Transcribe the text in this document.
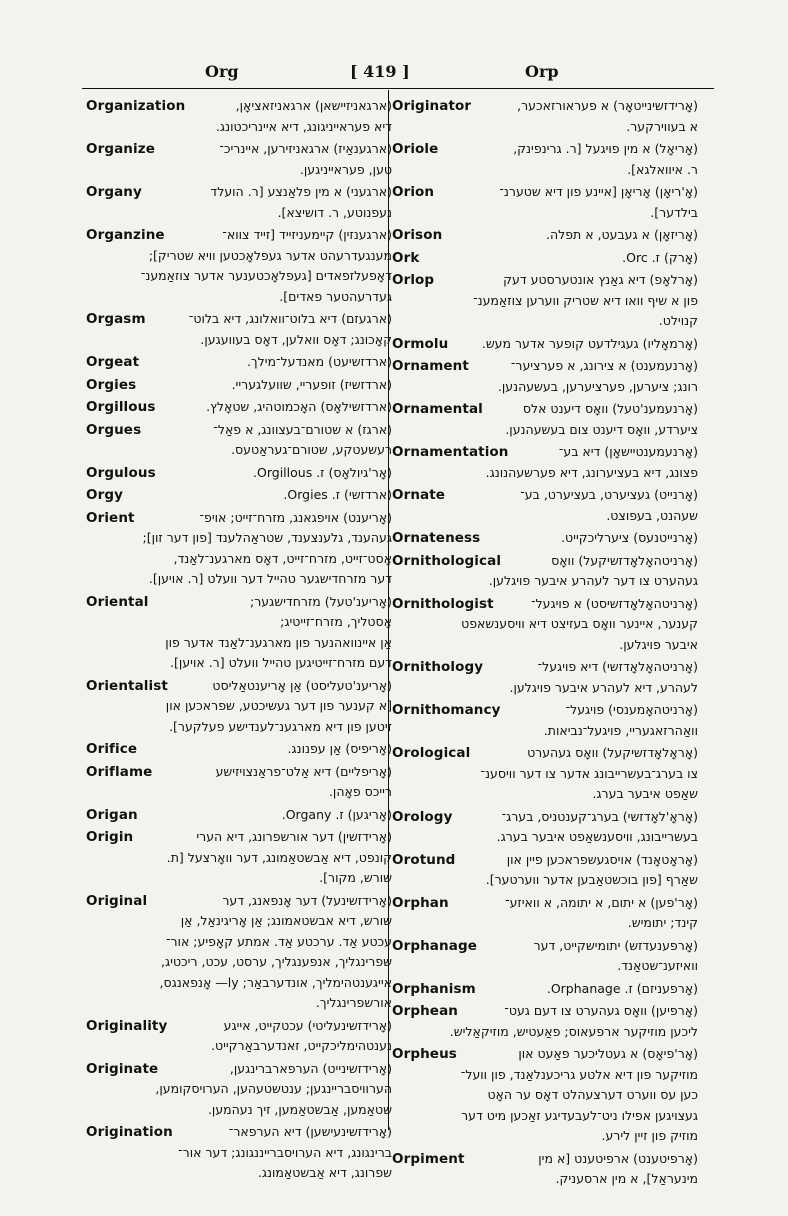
Org	[ 419 ]	Orp
Organization	(ארגאניזיישאן) ארגאניזאציאָן,
דיא פעראייניגונג, דיא איינריכטונג.
Organize	(ארגענאַיז) ארגאניזירען, איינריכ־
טען, פעראייניגען.
Organy	(ארגעני) א מין פלאַנצע [ר. הועלד
נעפנוטע, ר. דושיצא].
Organzine	(ארגענזין) קיימעניזייד [זייד צווא־
מענגעדרעהט אדער געפלאָכטען וויא שטריק];
דאָפעלזפאדים [געפלאָכטענער אדער צוזאַמענ־
געדרעהטער פאדים].
Orgasm	(ארגעזם) דיא בלוט־וואלונג, דיא בלוט־
קאָכונג; דאָס וואלען, דאָס בעוועגען.
Orgeat	(ארדזשיעט) מאנדעל־מילך.
Orgies	(ארדזשיז) זופעריי, שוועלגעריי.
Orgillous	(ארדזשילאָס) האָכמוטהיג, שטאָלץ.
Orgues	(ארגז) א שטורם־בעצוונג, א פאַל־
רעשעטקע, שטורם־געראַטעס.
Orgulous	(אָר'גיולאָס) ז. Orgillous.
Orgy	(ארדזשי) ז. Orgies.
Orient	(אָריענט) אויפגאנג, מזרח־זייט; אויפ־
געהענד, גלענצענד, שטראַהלענד [פון דער זון];
אָסט־זייט, מזרח־זייט, דאָס מארגענ־לאַנד,
דער מזרחדישגער טהייל דער וועלט [ר. אויען].
Oriental	(אָריענ'טעל) מזרחדישגער;
אָסטליך, מזרח־זייטיג;
אַן איינוואהנער פון מארגענ־לאַנד אדער פון
דעם מזרח־זייטיגען טהייל וועלט [ר. אויען].
Orientalist	(אָריענ'טעליסט) אַן אָריענטאַליסט
[א קענער פון דער געשיכטע, שפראכען און
זיטען פון דיא מארגענ־לענדישע פעלקער].
Orifice	(אָריפיס) אַן עפנונג.
Oriflame	(אָריפליים) דיא אַלט־פראַנצויזישע
רייכס פאָהן.
Origan	(אָריגען) ז. Organy.
Origin	(אָרידזשין) דער אורשפרונג, דיא הערי
קונפט, דיא אַבשטאַמונג, דער וואָרצעל [ת.
שורש, מקור].
Original	(אָרידזשינעל) דער אָנפאנג, דער
שורש, דיא אבשטאמונג; אַן אָריגינאַל, אַן
עכטע אַד. ערכטע אַד. אמתע קאָפיע; אור־
שפרינגליך, אנפענגליך, ערסט, עכט, ריכטיג,
אייגענטהימליך, אונדערבאַר; ly— אָנפאנגס,
אורשפרינגליך.
Originality	(אָרידזשינעליטי) עכטקייט, אייגע
נענטהימליכקייט, זאנדערבאַרקייט.
Originate	(אָרידזשינייט) הערפארברינגען,
הערוויסבריינגען; ענטשטעהען, הערויסקומען,
שטאַמען, אַבשטאַמען, זיך נעהמען.
Origination	(אָרידזשינעישען) דיא הערפאר־
ברינגונג, דיא הערויסברייננגונג; דער אור־
שפרונג, דיא אַבשטאַמונג.
Originator	(אָרידזשינייטאָר) א פעראורזאכער,
א בעווירקער.
Oriole	(אָריאָל) א מין פויגעל [ר. גרינפינק,
ר. איוואלגא].
Orion	(אָ'ריאָן) אָריאָן [איינע פון דיא שטערנ־
בילדער].
Orison	(אָריזאָן) א געבעט, א תפלה.
Ork	(אָרק) ז. Orc.
Orlop	(אָרלאָפ) דיא גאַנץ אונטערסטע דעק
פון א שיף וואו דיא שטריק ווערען צוזאַמענ־
קנוילט.
Ormolu	(אָרמאָליו) געגילדעט קופער אדער מעש.
Ornament	(אָרנעמענט) א צירונג, א פערציער־
רונג; ציערען, פערציערען, בעשעהנען.
Ornamental	(אָרנעמענ'טעל) וואָס דיענט אלס
ציערדע, וואָס דיענט צום בעשעהנען.
Ornamentation	(אָרנעמענטיישאָן) דיא בע־
פצונג, דיא בעציערונג, דיא פערשעהנונג.
Ornate	(אָרנייט) געציערט, בעציערט, בע־
שעהנט, בעפוצט.
Ornateness	(אָרנייטנעס) ציערליכקייט.
Ornithological	(אָרניטהאָלאָדזשיקעל) וואָס
געהערט צו דער לעהרע איבער פויגלען.
Ornithologist	(אָרניטהאָלאָדזשיסט) א פויגעל־
קענער, איינער וואָס בעזיצט דיא וויסענשאפט
איבער פויגלען.
Ornithology	(אָרניטהאָלאָדזשי) דיא פויגעל־
לעהרע, דיא לעהרע איבער פויגלען.
Ornithomancy	(אָרניטהאָמענסי) פויגעל־
וואַהרזאגעריי, פויגעל־נביאות.
Orological	(אָראָלאָדזשיקעל) וואָס געהערט
צו בערג־בעשרייבונג אדער צו דער וויסענ־
שאַפט איבער בערג.
Orology	(אָראָ'לאָדזשי) בערג־קענטניס, בערג־
בעשרייבונג, וויסענשאַפט איבער בערג.
Orotund	(אָראָטאָנד) אויסגעשפראכען פיין און
שאַרף [פון בוכשטאַבען אדער ווערטער].
Orphan	(אָר'פען) א יתום, א יתומה, א וואיזע־
קינד; יתומיש.
Orphanage	(אָרפענעדזש) יתומישקייט, דער
וואיזענ־שטאַנד.
Orphanism	(אָרפעניזם) ז. Orphanage.
Orphean	(אָרפיען) וואָס געהערט צו דעם געט־
ליכען מוזיקער ארפעאוס; פאַעטיש, מוזיקאַליש.
Orpheus	(אָר'פיאָס) א געטליכער פאַעט און
מוזיקער פון דיא אלטע גריכענלאַנד, פון וועל־
כען עס ווערט דערצעהלט דאָס ער האָט
געצויגען אפילו ניט־לעבעדיגע זאַכען מיט דער
מוזיק פון זיין לירע.
Orpiment	(אָרפיטענט) ארפיטענט [א מין
מינעראַל], א מין ארסעניק.
